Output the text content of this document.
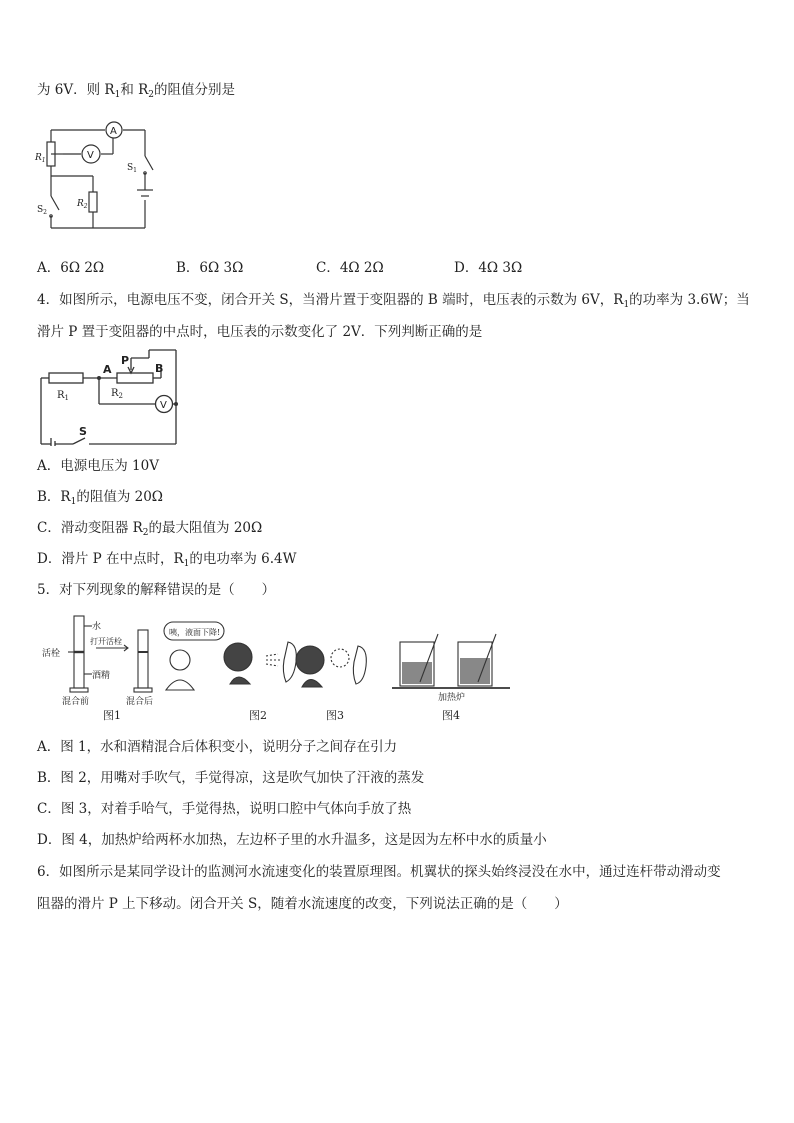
为 6V．则 $R_1$和 $R_2$的阻值分别是
A
V
$R_1$
$R_2$
$S_1$
$S_2$
A．6Ω 2Ω	B．6Ω 3Ω	C．4Ω 2Ω	D．4Ω 3Ω
4．如图所示，电源电压不变，闭合开关 S，当滑片置于变阻器的 B 端时，电压表的示数为 6V，$R_1$的功率为 3.6W；当
滑片 P 置于变阻器的中点时，电压表的示数变化了 2V．下列判断正确的是
A
P
B
$R_1$	$R_2$
V
S
A．电源电压为 10V
B．$R_1$的阻值为 20Ω
C．滑动变阻器 $R_2$的最大阻值为 20Ω
D．滑片 P 在中点时，$R_1$的电功率为 6.4W
5．对下列现象的解释错误的是（　　）
水
活栓
打开活栓
酒精
混合前	混合后
咦，液面下降!
加热炉
图1	图2	图3	图4
A．图 1，水和酒精混合后体积变小，说明分子之间存在引力
B．图 2，用嘴对手吹气，手觉得凉，这是吹气加快了汗液的蒸发
C．图 3，对着手哈气，手觉得热，说明口腔中气体向手放了热
D．图 4，加热炉给两杯水加热，左边杯子里的水升温多，这是因为左杯中水的质量小
6．如图所示是某同学设计的监测河水流速变化的装置原理图。机翼状的探头始终浸没在水中，通过连杆带动滑动变
阻器的滑片 P 上下移动。闭合开关 S，随着水流速度的改变，下列说法正确的是（　　）
